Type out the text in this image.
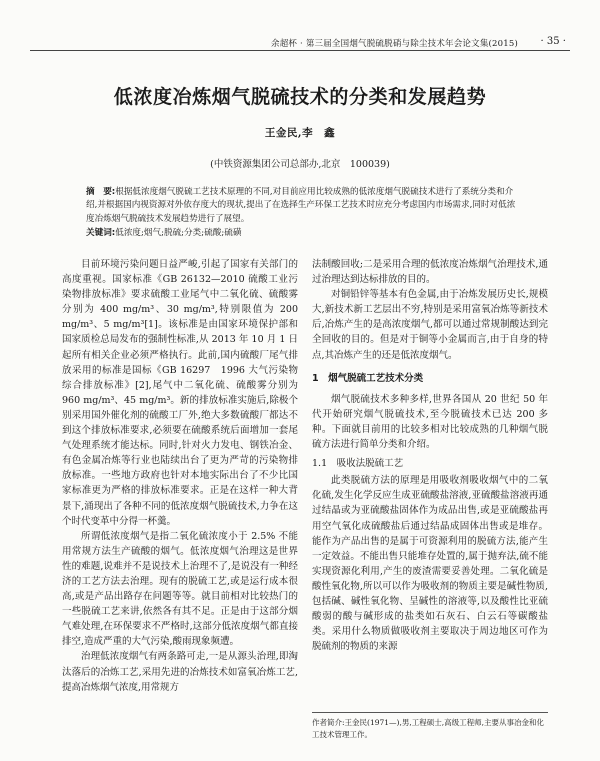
余超杯 · 第三届全国烟气脱硫脱硝与除尘技术年会论文集(2015) · 35 ·
低浓度冶炼烟气脱硫技术的分类和发展趋势
王金民,李　鑫
(中铁资源集团公司总部办,北京　100039)
摘　要:根据低浓度烟气脱硫工艺技术原理的不同,对目前应用比较成熟的低浓度烟气脱硫技术进行了系统分类和介绍,并根据国内视资源对外依存度大的现状,提出了在选择生产环保工艺技术时应充分考虑国内市场需求,同时对低浓度冶炼烟气脱硫技术发展趋势进行了展望。
关键词:低浓度;烟气;脱硫;分类;硫酸;硫磺

目前环境污染问题日益严峻,引起了国家有关部门的高度重视。国家标准《GB 26132—2010 硫酸工业污染物排放标准》要求硫酸工业尾气中二氧化硫、硫酸雾分别为 400 mg/m³、30 mg/m³,特别限值为 200 mg/m³、5 mg/m³[1]。该标准是由国家环境保护部和国家质检总局发布的强制性标准,从 2013 年 10 月 1 日起所有相关企业必须严格执行。此前,国内硫酸厂尾气排放采用的标准是国标《GB 16297　1996 大气污染物综合排放标准》[2],尾气中二氧化硫、硫酸雾分别为 960 mg/m³、45 mg/m³。新的排放标准实施后,除极个别采用国外催化剂的硫酸工厂外,绝大多数硫酸厂都达不到这个排放标准要求,必须要在硫酸系统后面增加一套尾气处理系统才能达标。同时,针对火力发电、钢铁冶金、有色金属冶炼等行业也陆续出台了更为严苛的污染物排放标准。一些地方政府也针对本地实际出台了不少比国家标准更为严格的排放标准要求。正是在这样一种大背景下,涌现出了各种不同的低浓度烟气脱硫技术,力争在这个时代变革中分得一杯羹。

所谓低浓度烟气是指二氧化硫浓度小于 2.5% 不能用常规方法生产硫酸的烟气。低浓度烟气治理这是世界性的难题,说难并不是说技术上治理不了,是说没有一种经济的工艺方法去治理。现有的脱硫工艺,或是运行成本很高,或是产品出路存在问题等等。就目前相对比较热门的一些脱硫工艺来讲,依然各有其不足。正是由于这部分烟气难处理,在环保要求不严格时,这部分低浓度烟气都直接排空,造成严重的大气污染,酸雨现象频遭。

治理低浓度烟气有两条路可走,一是从源头治理,即淘汰落后的冶炼工艺,采用先进的冶炼技术如富氧冶炼工艺,提高冶炼烟气浓度,用常规方

法制酸回收;二是采用合理的低浓度冶炼烟气治理技术,通过治理达到达标排放的目的。

对铜铅锌等基本有色金属,由于冶炼发展历史长,规模大,新技术新工艺层出不穷,特别是采用富氧冶炼等新技术后,冶炼产生的是高浓度烟气,都可以通过常规制酸达到完全回收的目的。但是对于铜等小金属而言,由于自身的特点,其冶炼产生的还是低浓度烟气。

1　烟气脱硫工艺技术分类

烟气脱硫技术多种多样,世界各国从 20 世纪 50 年代开始研究烟气脱硫技术,至今脱硫技术已达 200 多种。下面就目前用的比较多相对比较成熟的几种烟气脱硫方法进行简单分类和介绍。

1.1　吸收法脱硫工艺

此类脱硫方法的原理是用吸收剂吸收烟气中的二氧化硫,发生化学反应生成亚硫酸盐溶液,亚硫酸盐溶液再通过结晶或为亚硫酸盐固体作为成品出售,或是亚硫酸盐再用空气氧化成硫酸盐后通过结晶成固体出售或是堆存。能作为产品出售的是属于可资源利用的脱硫方法,能产生一定效益。不能出售只能堆存处置的,属于抛弃法,硫不能实现资源化利用,产生的废渣需要妥善处理。二氧化硫是酸性氧化物,所以可以作为吸收剂的物质主要是碱性物质,包括碱、碱性氧化物、呈碱性的溶液等,以及酸性比亚硫酸弱的酸与碱形成的盐类如石灰石、白云石等碳酸盐类。采用什么物质做吸收剂主要取决于周边地区可作为脱硫剂的物质的来源

作者简介:王金民(1971—),男,工程硕士,高级工程师,主要从事冶金和化工技术管理工作。
